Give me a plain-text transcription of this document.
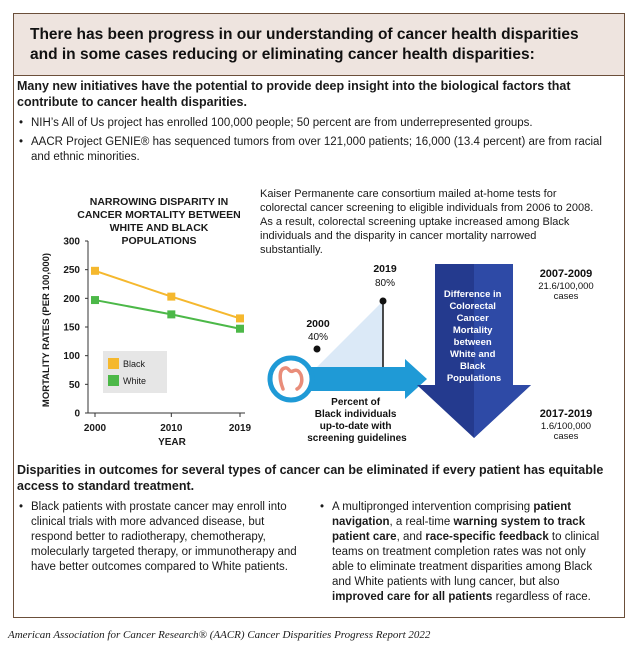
There has been progress in our understanding of cancer health disparities and in some cases reducing or eliminating cancer health disparities:
Many new initiatives have the potential to provide deep insight into the biological factors that contribute to cancer health disparities.
• NIH’s All of Us project has enrolled 100,000 people; 50 percent are from underrepresented groups.
• AACR Project GENIE® has sequenced tumors from over 121,000 patients; 16,000 (13.4 percent) are from racial and ethnic minorities.
NARROWING DISPARITY IN CANCER MORTALITY BETWEEN WHITE AND BLACK POPULATIONS
Kaiser Permanente care consortium mailed at-home tests for colorectal cancer screening to eligible individuals from 2006 to 2008. As a result, colorectal screening uptake increased among Black individuals and the disparity in cancer mortality narrowed substantially.
MORTALITY RATES (PER 100,000)
YEAR
0
50
100
150
200
250
300
2000	2010	2019
Black
White
2000
40%
2019
80%
Percent of Black individuals up-to-date with screening guidelines
Difference in Colorectal Cancer Mortality between White and Black Populations
2007-2009
21.6/100,000
cases
2017-2019
1.6/100,000
cases
Disparities in outcomes for several types of cancer can be eliminated if every patient has equitable access to standard treatment.
• Black patients with prostate cancer may enroll into clinical trials with more advanced disease, but respond better to radiotherapy, chemotherapy, molecularly targeted therapy, or immunotherapy and have better outcomes compared to White patients.
• A multipronged intervention comprising patient navigation, a real-time warning system to track patient care, and race-specific feedback to clinical teams on treatment completion rates was not only able to eliminate treatment disparities among Black and White patients with lung cancer, but also improved care for all patients regardless of race.
American Association for Cancer Research® (AACR) Cancer Disparities Progress Report 2022
